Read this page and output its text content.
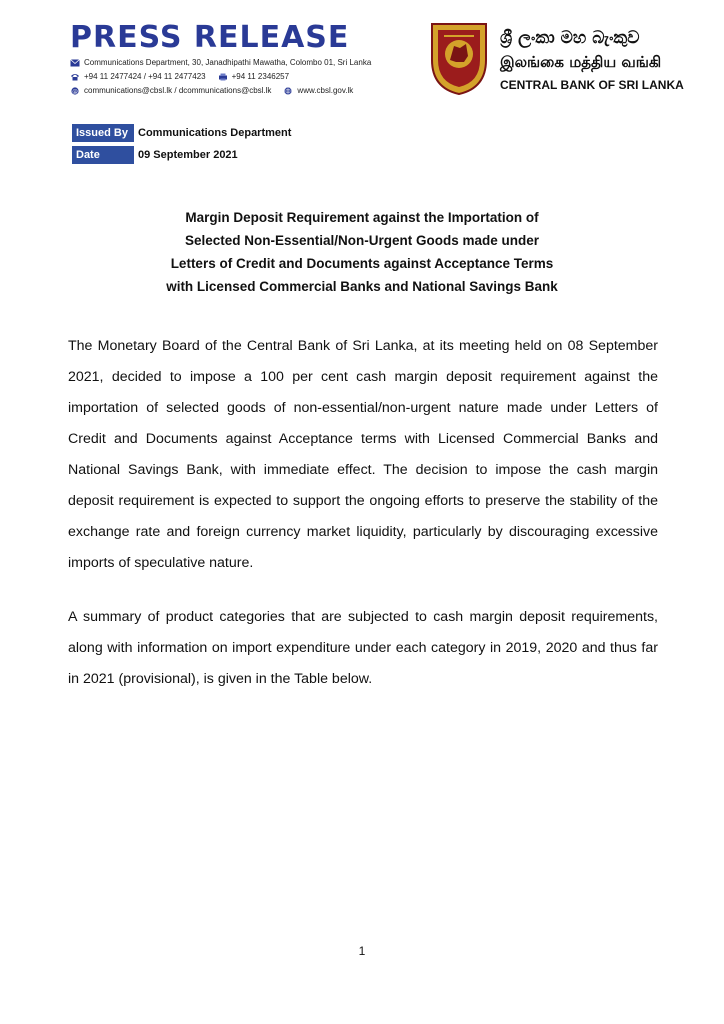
PRESS RELEASE
Communications Department, 30, Janadhipathi Mawatha, Colombo 01, Sri Lanka
+94 11 2477424 / +94 11 2477423	+94 11 2346257
@ communications@cbsl.lk / dcommunications@cbsl.lk	www.cbsl.gov.lk
ශ්‍රී ලංකා මහ බැංකුව
இலங்கை மத்திய வங்கி
CENTRAL BANK OF SRI LANKA
Issued By Communications Department
Date	09 September 2021
Margin Deposit Requirement against the Importation of
Selected Non-Essential/Non-Urgent Goods made under
Letters of Credit and Documents against Acceptance Terms
with Licensed Commercial Banks and National Savings Bank
The Monetary Board of the Central Bank of Sri Lanka, at its meeting held on 08 September 2021, decided to impose a 100 per cent cash margin deposit requirement against the importation of selected goods of non-essential/non-urgent nature made under Letters of Credit and Documents against Acceptance terms with Licensed Commercial Banks and National Savings Bank, with immediate effect. The decision to impose the cash margin deposit requirement is expected to support the ongoing efforts to preserve the stability of the exchange rate and foreign currency market liquidity, particularly by discouraging excessive imports of speculative nature.
A summary of product categories that are subjected to cash margin deposit requirements, along with information on import expenditure under each category in 2019, 2020 and thus far in 2021 (provisional), is given in the Table below.
1
